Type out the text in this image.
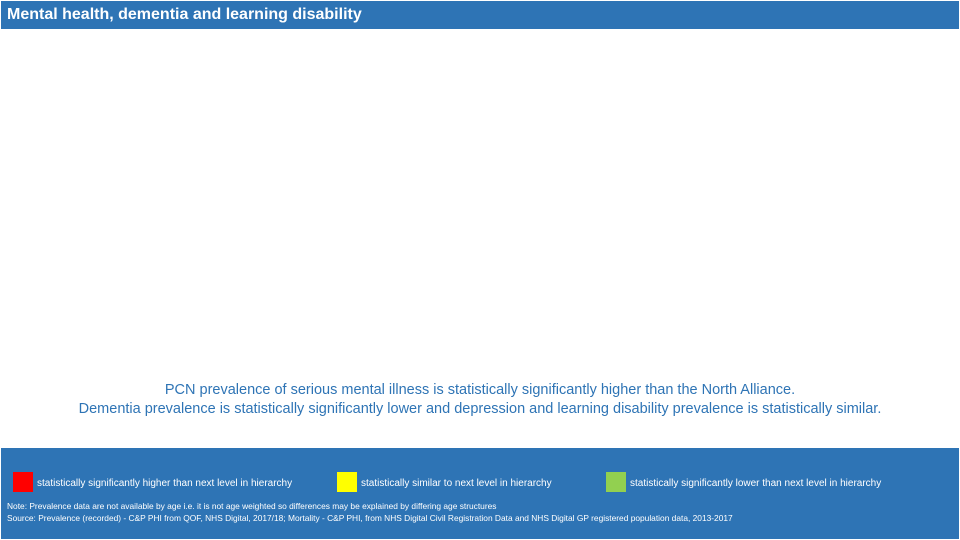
Mental health, dementia and learning disability
PCN prevalence of serious mental illness is statistically significantly higher than the North Alliance.
Dementia prevalence is statistically significantly lower and depression and learning disability prevalence is statistically similar.
statistically significantly higher than next level in hierarchy	statistically similar to next level in hierarchy	statistically significantly lower than next level in hierarchy
Note: Prevalence data are not available by age i.e. it is not age weighted so differences may be explained by differing age structures
Source: Prevalence (recorded) - C&P PHI from QOF, NHS Digital, 2017/18; Mortality - C&P PHI, from NHS Digital Civil Registration Data and NHS Digital GP registered population data, 2013-2017
